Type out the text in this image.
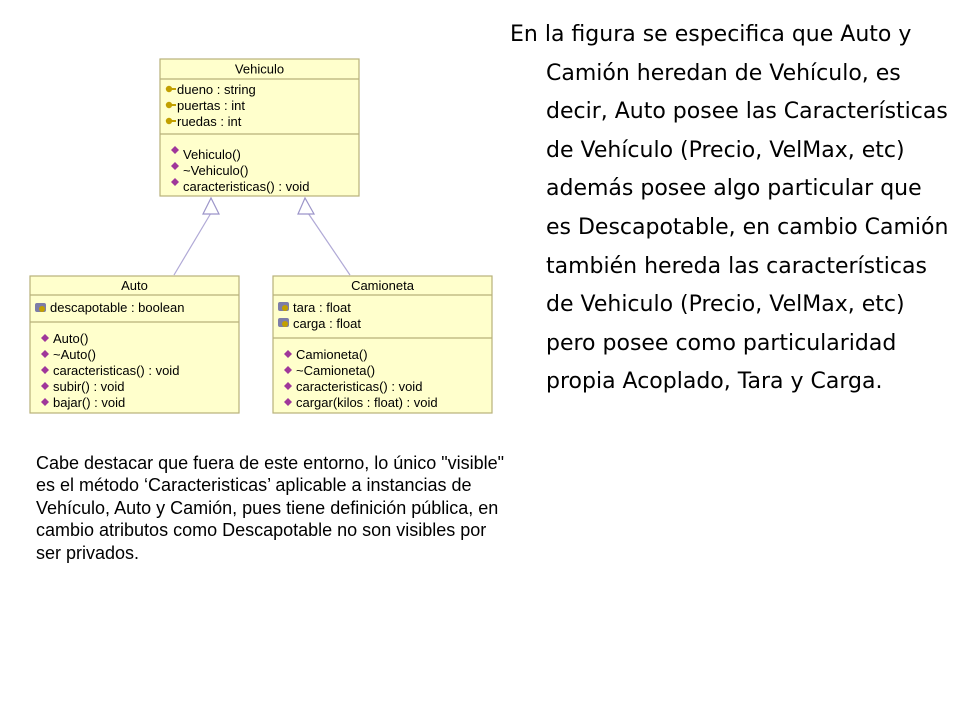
Vehiculo
dueno : string
puertas : int
ruedas : int
Vehiculo()
~Vehiculo()
caracteristicas() : void
Auto
descapotable : boolean
Auto()
~Auto()
caracteristicas() : void
subir() : void
bajar() : void
Camioneta
tara : float
carga : float
Camioneta()
~Camioneta()
caracteristicas() : void
cargar(kilos : float) : void
En la figura se especifica que Auto y Camión heredan de Vehículo, es decir, Auto posee las Características de Vehículo (Precio, VelMax, etc) además posee algo particular que es Descapotable, en cambio Camión también hereda las características de Vehiculo (Precio, VelMax, etc) pero posee como particularidad propia Acoplado, Tara y Carga.
Cabe destacar que fuera de este entorno, lo único "visible" es el método ‘Caracteristicas’ aplicable a instancias de Vehículo, Auto y Camión, pues tiene definición pública, en cambio atributos como Descapotable no son visibles por ser privados.
